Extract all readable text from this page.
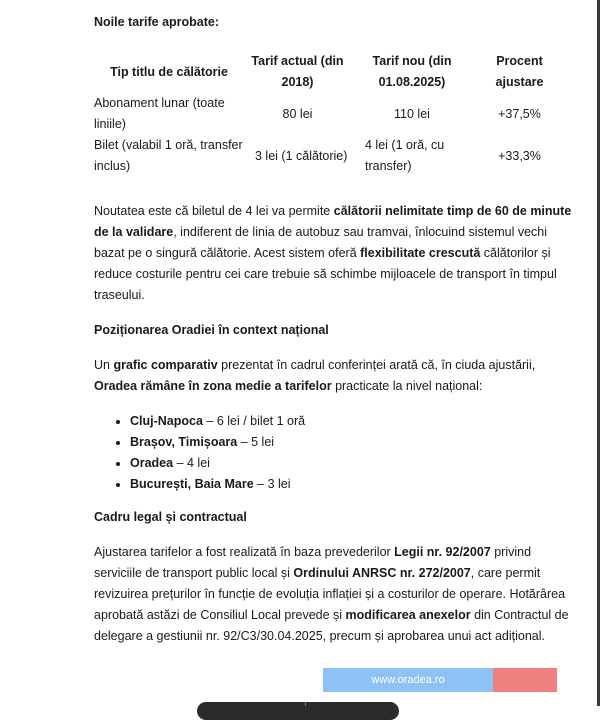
Noile tarife aprobate:
Tip titlu de călătorie	Tarif actual (din 2018)	Tarif nou (din 01.08.2025)	Procent ajustare
Abonament lunar (toate liniile)	80 lei	110 lei	+37,5%
Bilet (valabil 1 oră, transfer inclus)	3 lei (1 călătorie)	4 lei (1 oră, cu transfer)	+33,3%

Noutatea este că biletul de 4 lei va permite călătorii nelimitate timp de 60 de minute de la validare, indiferent de linia de autobuz sau tramvai, înlocuind sistemul vechi bazat pe o singură călătorie. Acest sistem oferă flexibilitate crescută călătorilor și reduce costurile pentru cei care trebuie să schimbe mijloacele de transport în timpul traseului.

Poziționarea Oradiei în context național

Un grafic comparativ prezentat în cadrul conferinței arată că, în ciuda ajustării, Oradea rămâne în zona medie a tarifelor practicate la nivel național:

• Cluj-Napoca – 6 lei / bilet 1 oră
• Brașov, Timișoara – 5 lei
• Oradea – 4 lei
• București, Baia Mare – 3 lei
Cadru legal și contractual

Ajustarea tarifelor a fost realizată în baza prevederilor Legii nr. 92/2007 privind serviciile de transport public local și Ordinului ANRSC nr. 272/2007, care permit revizuirea prețurilor în funcție de evoluția inflației și a costurilor de operare. Hotărârea aprobată astăzi de Consiliul Local prevede și modificarea anexelor din Contractul de delegare a gestiunii nr. 92/C3/30.04.2025, precum și aprobarea unui act adițional.

www.oradea.ro
